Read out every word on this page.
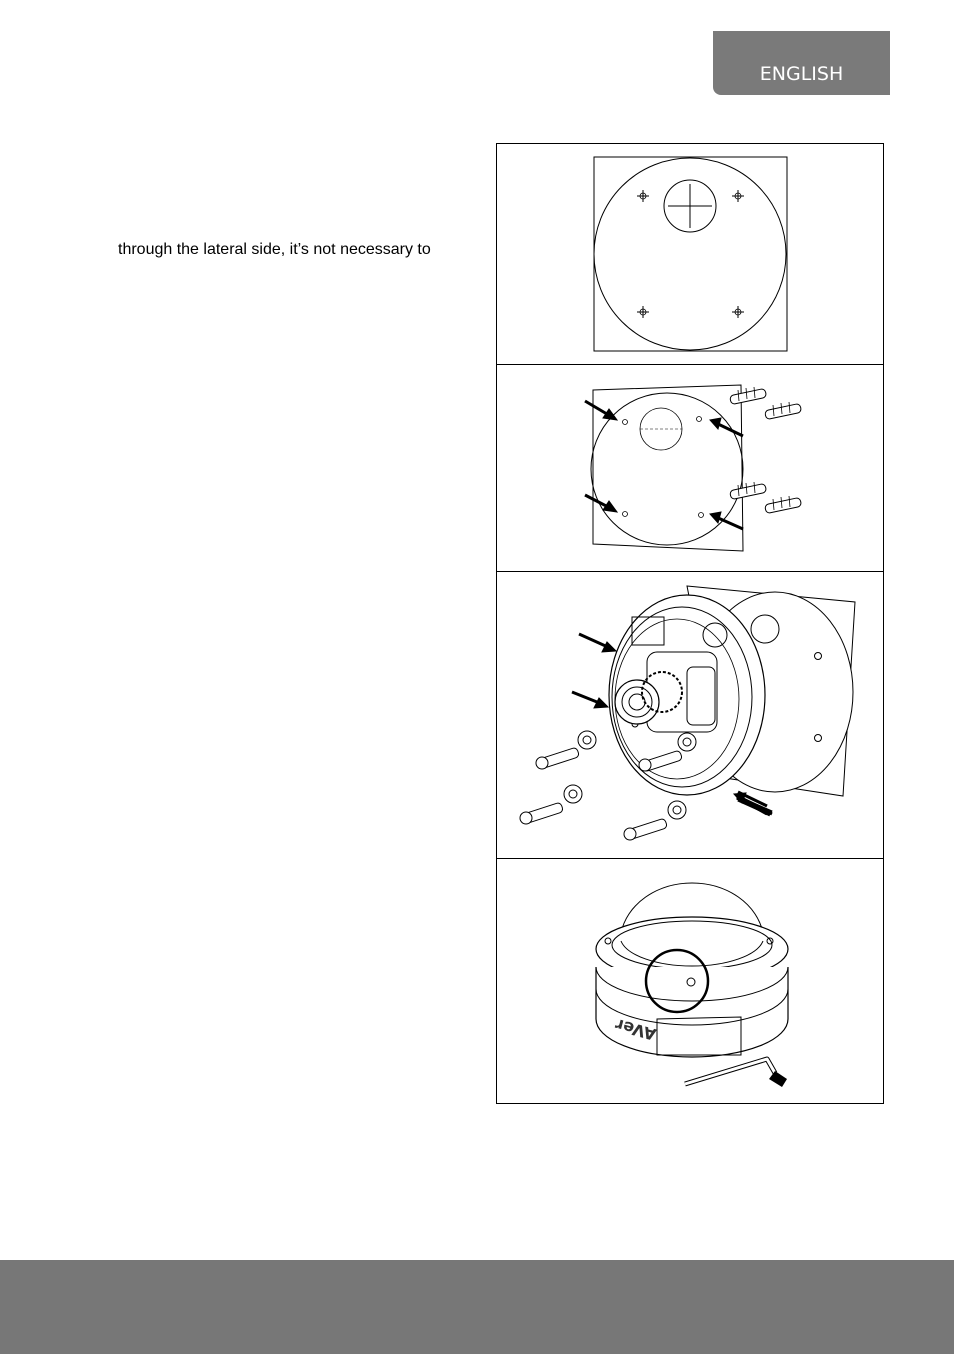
ENGLISH
through the lateral side, it’s not necessary to
AVer
